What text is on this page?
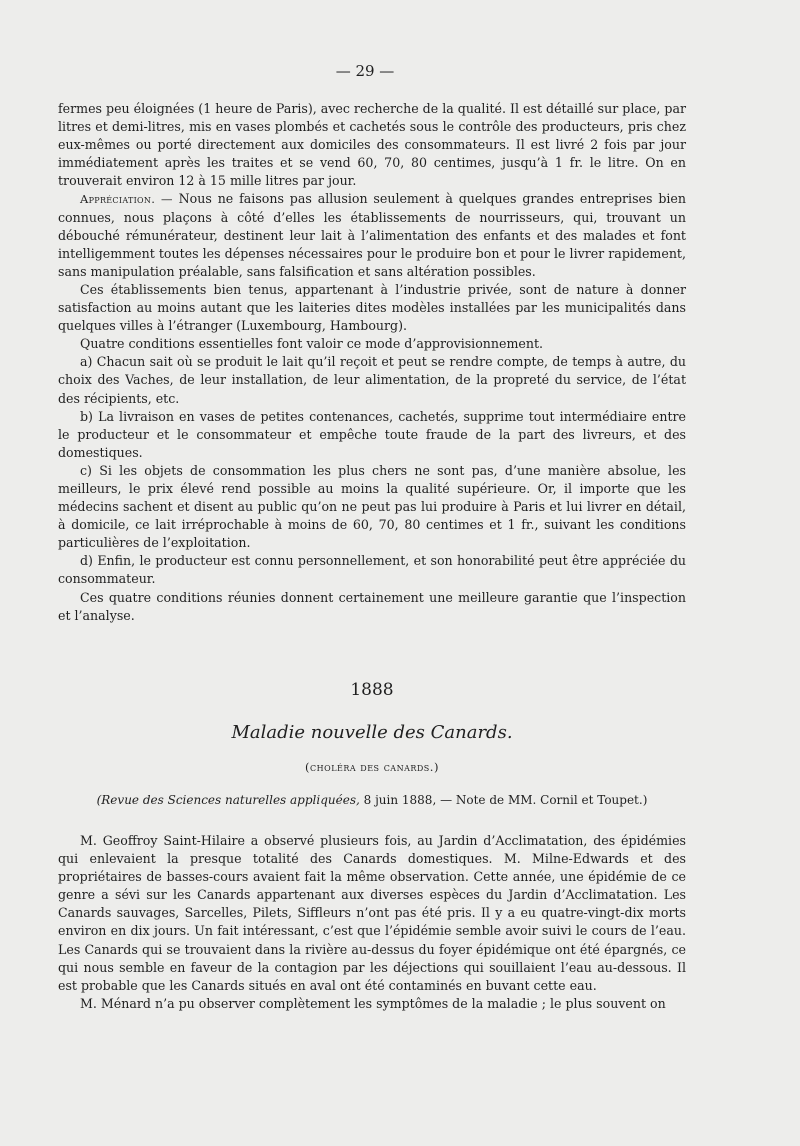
— 29 —

fermes peu éloignées (1 heure de Paris), avec recherche de la qualité. Il est détaillé sur place, par litres et demi-litres, mis en vases plombés et cachetés sous le contrôle des producteurs, pris chez eux-mêmes ou porté directement aux domiciles des consommateurs. Il est livré 2 fois par jour immédiatement après les traites et se vend 60, 70, 80 centimes, jusqu’à 1 fr. le litre. On en trouverait environ 12 à 15 mille litres par jour.

Appréciation. — Nous ne faisons pas allusion seulement à quelques grandes entreprises bien connues, nous plaçons à côté d’elles les établissements de nourrisseurs, qui, trouvant un débouché rémunérateur, destinent leur lait à l’alimentation des enfants et des malades et font intelligemment toutes les dépenses nécessaires pour le produire bon et pour le livrer rapidement, sans manipulation préalable, sans falsification et sans altération possibles.

Ces établissements bien tenus, appartenant à l’industrie privée, sont de nature à donner satisfaction au moins autant que les laiteries dites modèles installées par les municipalités dans quelques villes à l’étranger (Luxembourg, Hambourg).

Quatre conditions essentielles font valoir ce mode d’approvisionnement.

a) Chacun sait où se produit le lait qu’il reçoit et peut se rendre compte, de temps à autre, du choix des Vaches, de leur installation, de leur alimentation, de la propreté du service, de l’état des récipients, etc.

b) La livraison en vases de petites contenances, cachetés, supprime tout intermédiaire entre le producteur et le consommateur et empêche toute fraude de la part des livreurs, et des domestiques.

c) Si les objets de consommation les plus chers ne sont pas, d’une manière absolue, les meilleurs, le prix élevé rend possible au moins la qualité supérieure. Or, il importe que les médecins sachent et disent au public qu’on ne peut pas lui produire à Paris et lui livrer en détail, à domicile, ce lait irréprochable à moins de 60, 70, 80 centimes et 1 fr., suivant les conditions particulières de l’exploitation.

d) Enfin, le producteur est connu personnellement, et son honorabilité peut être appréciée du consommateur.

Ces quatre conditions réunies donnent certainement une meilleure garantie que l’inspection et l’analyse.

1888
Maladie nouvelle des Canards.
(choléra des canards.)
(Revue des Sciences naturelles appliquées, 8 juin 1888, — Note de MM. Cornil et Toupet.)

M. Geoffroy Saint-Hilaire a observé plusieurs fois, au Jardin d’Acclimatation, des épidémies qui enlevaient la presque totalité des Canards domestiques. M. Milne-Edwards et des propriétaires de basses-cours avaient fait la même observation. Cette année, une épidémie de ce genre a sévi sur les Canards appartenant aux diverses espèces du Jardin d’Acclimatation. Les Canards sauvages, Sarcelles, Pilets, Siffleurs n’ont pas été pris. Il y a eu quatre-vingt-dix morts environ en dix jours. Un fait intéressant, c’est que l’épidémie semble avoir suivi le cours de l’eau. Les Canards qui se trouvaient dans la rivière au-dessus du foyer épidémique ont été épargnés, ce qui nous semble en faveur de la contagion par les déjections qui souillaient l’eau au-dessous. Il est probable que les Canards situés en aval ont été contaminés en buvant cette eau.

M. Ménard n’a pu observer complètement les symptômes de la maladie ; le plus souvent on
